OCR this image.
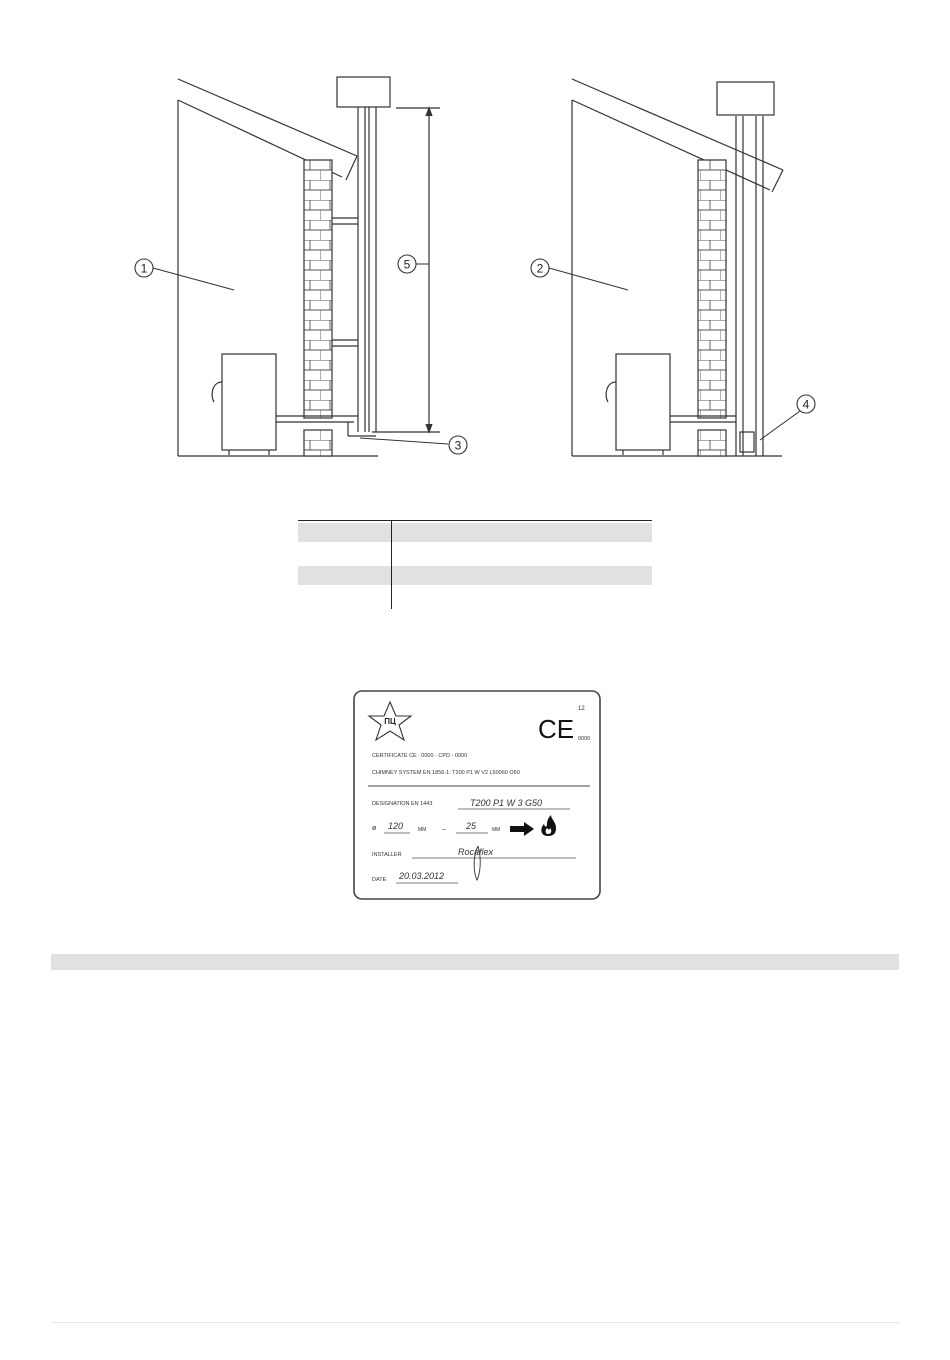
1	2
3
4
5
ПЦ	CE
12
0000
CERTIFICATE CE : 0000 - CPD - 0000
CHIMNEY SYSTEM EN 1856-1: T200 P1 W V2 L50060 O50
DESIGNATION EN 1443	T200 P1 W 3 G50
ø 120	MM – 25	MM
INSTALLER	Rocaflex
DATE 20.03.2012
